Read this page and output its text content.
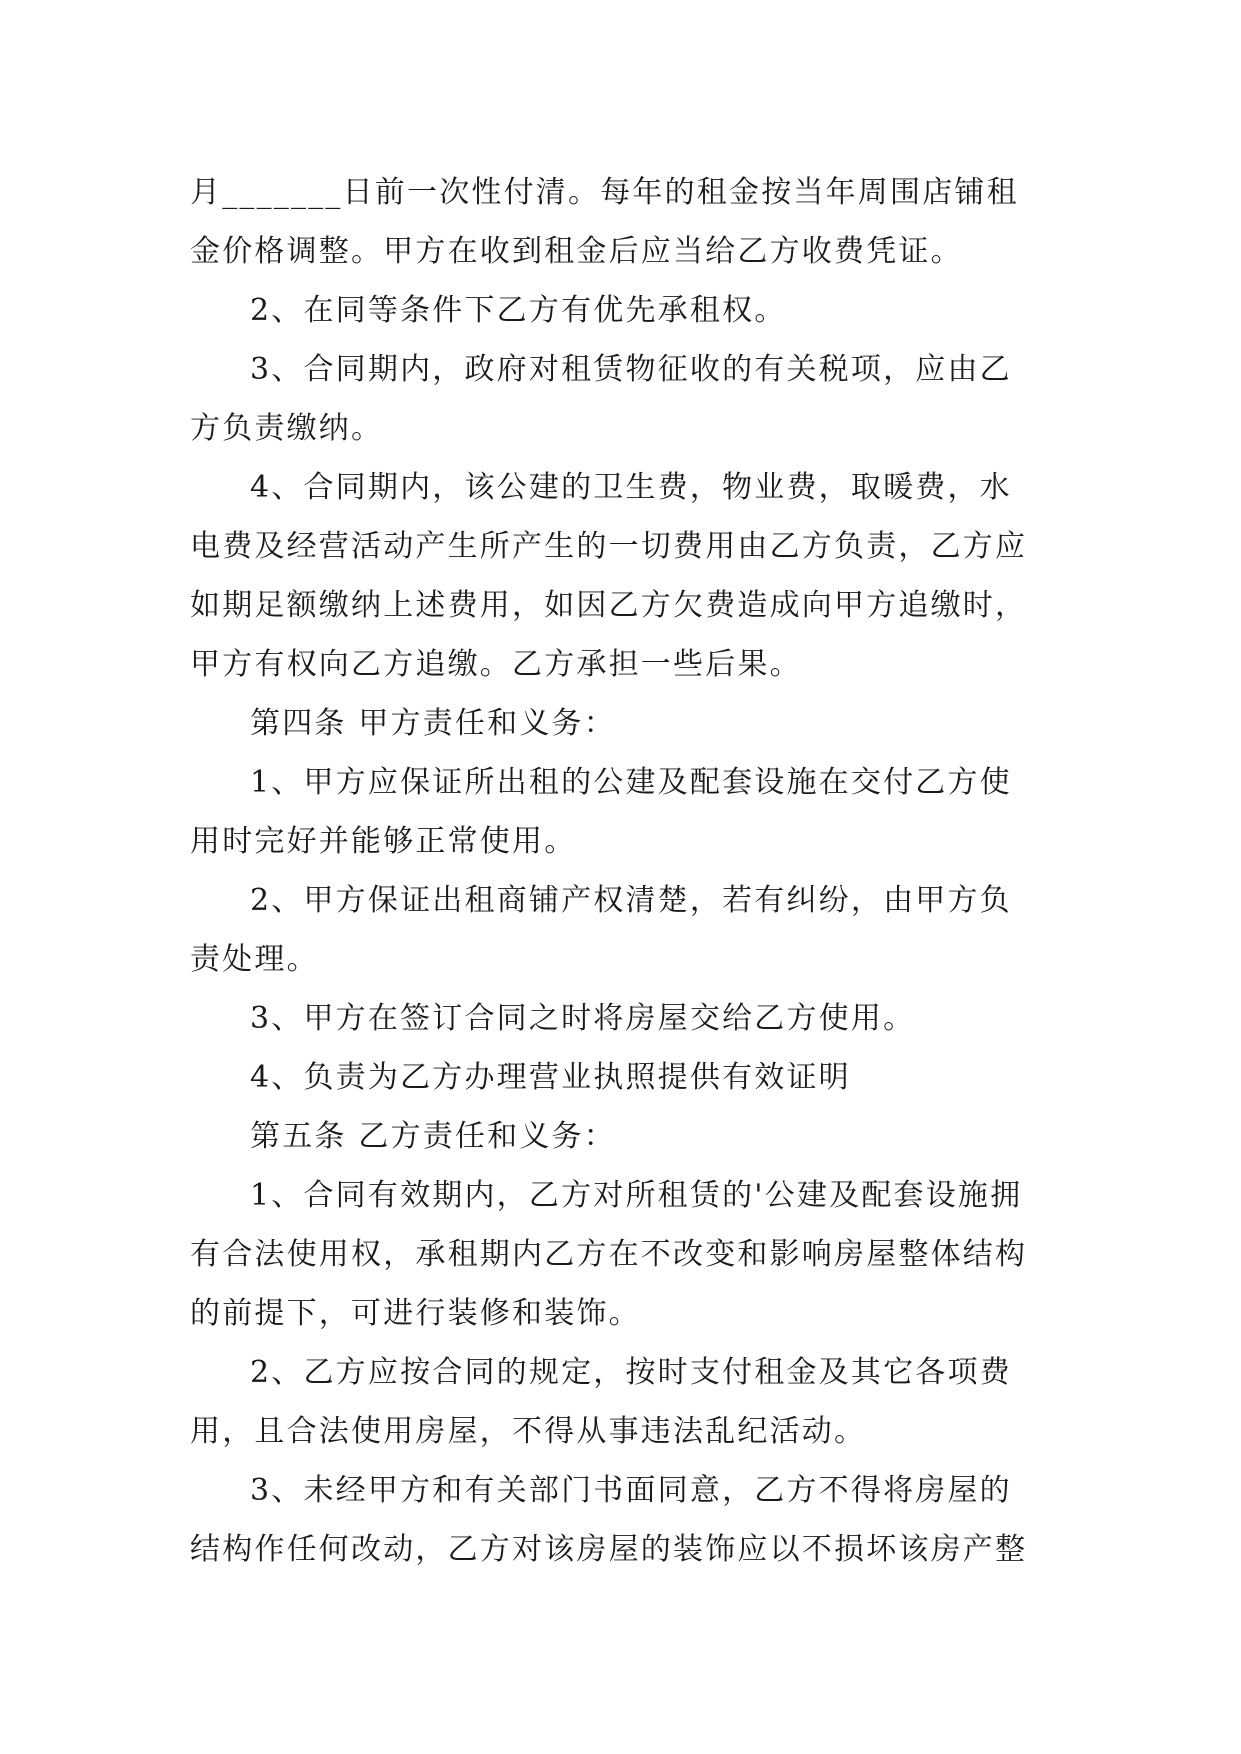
月_______日前一次性付清。每年的租金按当年周围店铺租
金价格调整。甲方在收到租金后应当给乙方收费凭证。
2、在同等条件下乙方有优先承租权。
3、合同期内，政府对租赁物征收的有关税项，应由乙
方负责缴纳。
4、合同期内，该公建的卫生费，物业费，取暖费，水
电费及经营活动产生所产生的一切费用由乙方负责，乙方应
如期足额缴纳上述费用，如因乙方欠费造成向甲方追缴时，
甲方有权向乙方追缴。乙方承担一些后果。
第四条 甲方责任和义务：
1、甲方应保证所出租的公建及配套设施在交付乙方使
用时完好并能够正常使用。
2、甲方保证出租商铺产权清楚，若有纠纷，由甲方负
责处理。
3、甲方在签订合同之时将房屋交给乙方使用。
4、负责为乙方办理营业执照提供有效证明
第五条 乙方责任和义务：
1、合同有效期内，乙方对所租赁的'公建及配套设施拥
有合法使用权，承租期内乙方在不改变和影响房屋整体结构
的前提下，可进行装修和装饰。
2、乙方应按合同的规定，按时支付租金及其它各项费
用，且合法使用房屋，不得从事违法乱纪活动。
3、未经甲方和有关部门书面同意，乙方不得将房屋的
结构作任何改动，乙方对该房屋的装饰应以不损坏该房产整
